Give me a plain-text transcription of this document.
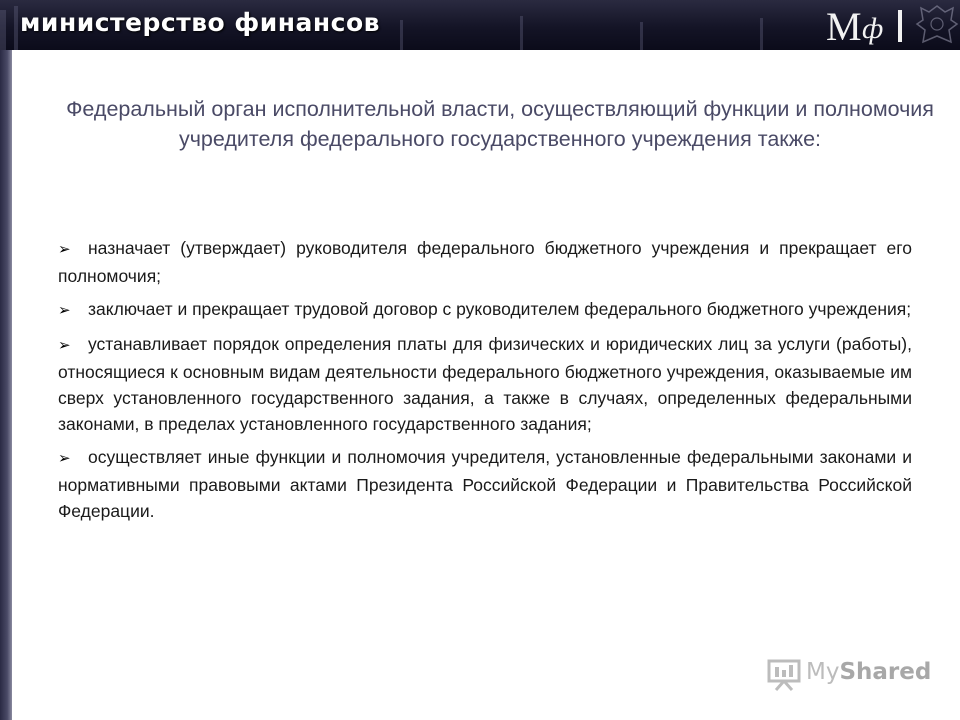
министерство финансов	M ф
Федеральный орган исполнительной власти, осуществляющий функции и полномочия учредителя федерального государственного учреждения также:
➢ назначает (утверждает) руководителя федерального бюджетного учреждения и прекращает его полномочия;
➢ заключает и прекращает трудовой договор с руководителем федерального бюджетного учреждения;
➢ устанавливает порядок определения платы для физических и юридических лиц за услуги (работы), относящиеся к основным видам деятельности федерального бюджетного учреждения, оказываемые им сверх установленного государственного задания, а также в случаях, определенных федеральными законами, в пределах установленного государственного задания;
➢ осуществляет иные функции и полномочия учредителя, установленные федеральными законами и нормативными правовыми актами Президента Российской Федерации и Правительства Российской Федерации.
MyShared
